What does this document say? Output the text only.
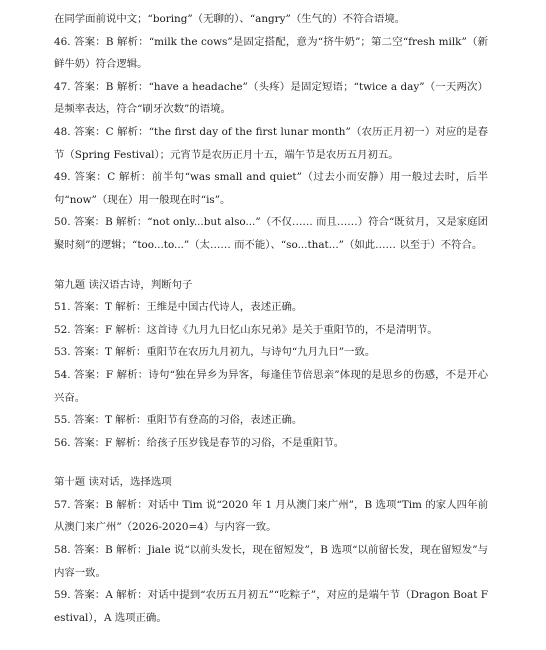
在同学面前说中文；“boring”（无聊的）、“angry”（生气的）不符合语境。

46. 答案：B 解析：“milk the cows”是固定搭配，意为“挤牛奶”；第二空“fresh milk”（新鲜牛奶）符合逻辑。

47. 答案：B 解析：“have a headache”（头疼）是固定短语；“twice a day”（一天两次）是频率表达，符合“刷牙次数”的语境。

48. 答案：C 解析：“the first day of the first lunar month”（农历正月初一）对应的是春节（Spring Festival）；元宵节是农历正月十五，端午节是农历五月初五。

49. 答案：C 解析：前半句“was small and quiet”（过去小而安静）用一般过去时，后半句“now”（现在）用一般现在时“is”。

50. 答案：B 解析：“not only...but also...”（不仅…… 而且……）符合“既贫月，又是家庭团聚时刻”的逻辑；“too...to...”（太…… 而不能）、“so...that...”（如此…… 以至于）不符合。

第九题 读汉语古诗，判断句子

51. 答案：T 解析：王维是中国古代诗人，表述正确。

52. 答案：F 解析：这首诗《九月九日忆山东兄弟》是关于重阳节的，不是清明节。

53. 答案：T 解析：重阳节在农历九月初九，与诗句“九月九日”一致。

54. 答案：F 解析：诗句“独在异乡为异客，每逢佳节倍思亲”体现的是思乡的伤感，不是开心兴奋。

55. 答案：T 解析：重阳节有登高的习俗，表述正确。

56. 答案：F 解析：给孩子压岁钱是春节的习俗，不是重阳节。

第十题 读对话，选择选项

57. 答案：B 解析：对话中 Tim 说“2020 年 1 月从澳门来广州”，B 选项“Tim 的家人四年前从澳门来广州”（2026-2020=4）与内容一致。

58. 答案：B 解析：Jiale 说“以前头发长，现在留短发”，B 选项“以前留长发，现在留短发”与内容一致。

59. 答案：A 解析：对话中提到“农历五月初五”“吃粽子”，对应的是端午节（Dragon Boat Festival），A 选项正确。
